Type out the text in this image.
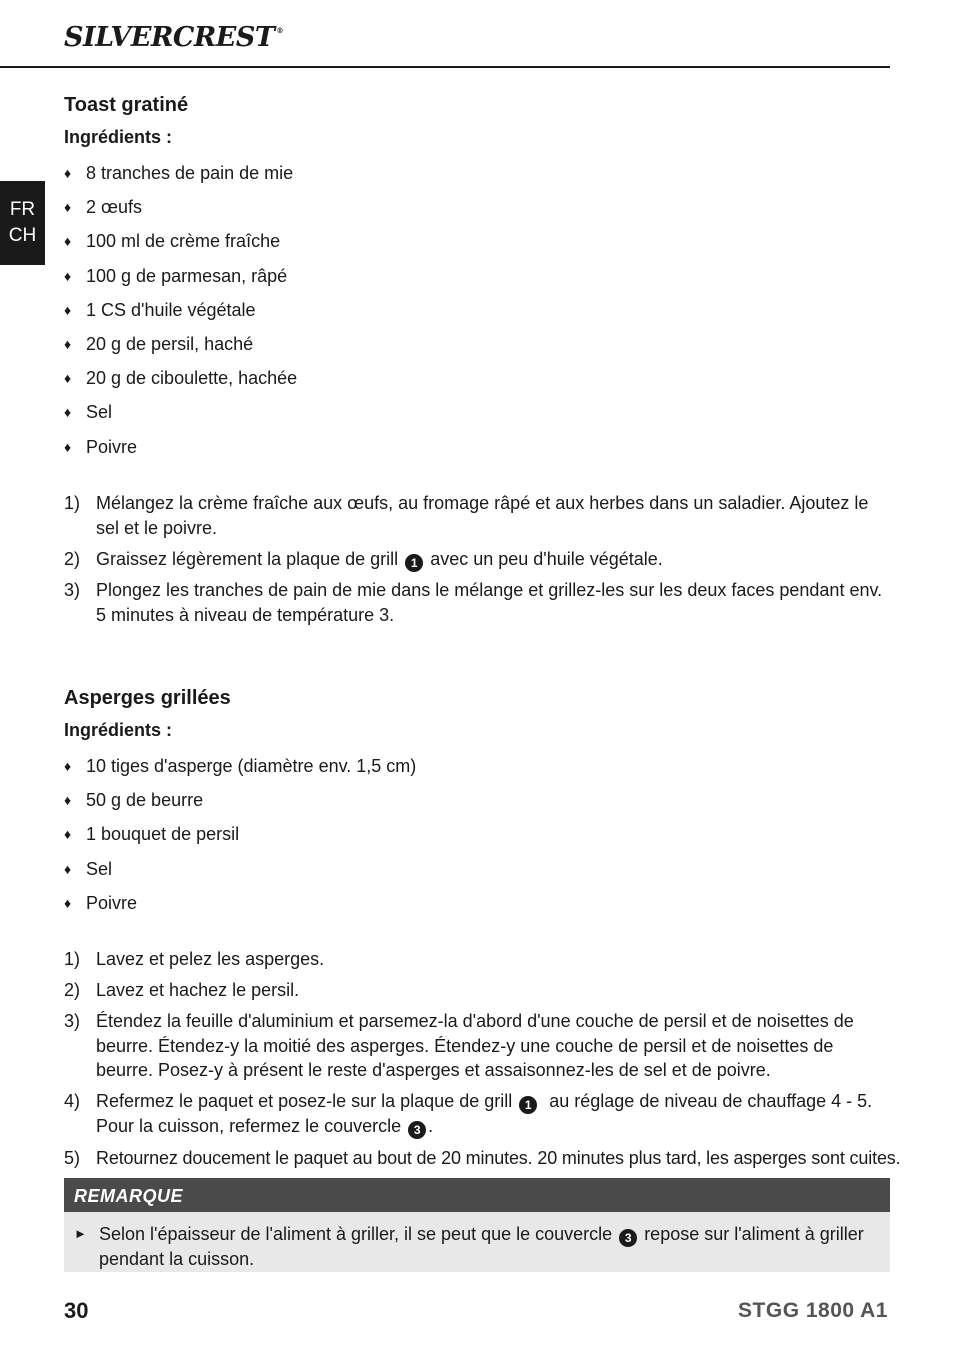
SILVERCREST ®
FR
CH
Toast gratiné

Ingrédients :

♦ 8 tranches de pain de mie
♦ 2 œufs
♦ 100 ml de crème fraîche
♦ 100 g de parmesan, râpé
♦ 1 CS d'huile végétale
♦ 20 g de persil, haché
♦ 20 g de ciboulette, hachée
♦ Sel
♦ Poivre
1) Mélangez la crème fraîche aux œufs, au fromage râpé et aux herbes dans un saladier. Ajoutez le sel et le poivre.
2) Graissez légèrement la plaque de grill 1 avec un peu d'huile végétale.
3) Plongez les tranches de pain de mie dans le mélange et grillez-les sur les deux faces pendant env.
5 minutes à niveau de température 3.
Asperges grillées

Ingrédients :

♦ 10 tiges d'asperge (diamètre env. 1,5 cm)
♦ 50 g de beurre
♦ 1 bouquet de persil
♦ Sel
♦ Poivre
1) Lavez et pelez les asperges.
2) Lavez et hachez le persil.
3) Étendez la feuille d'aluminium et parsemez-la d'abord d'une couche de persil et de noisettes de beurre. Étendez-y la moitié des asperges. Étendez-y une couche de persil et de noisettes de beurre. Posez-y à présent le reste d'asperges et assaisonnez-les de sel et de poivre.
4) Refermez le paquet et posez-le sur la plaque de grill 1  au réglage de niveau de chauffage 4 - 5.
Pour la cuisson, refermez le couvercle 3 .
5) Retournez doucement le paquet au bout de 20 minutes. 20 minutes plus tard, les asperges sont cuites.
REMARQUE
► Selon l'épaisseur de l'aliment à griller, il se peut que le couvercle 3 repose sur l'aliment à griller pendant la cuisson.
30	STGG 1800 A1
